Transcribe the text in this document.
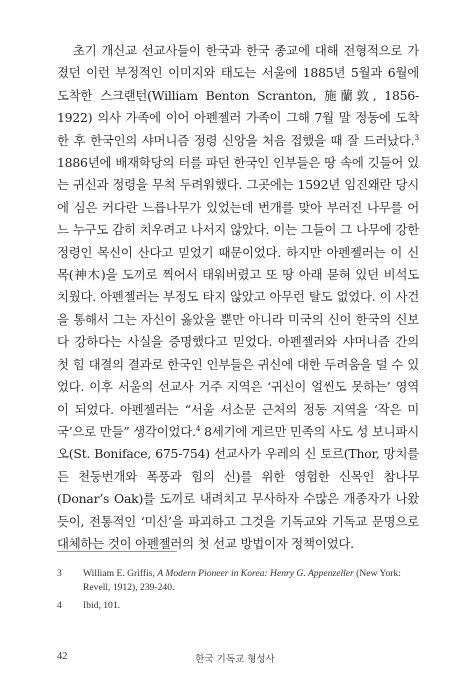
초기 개신교 선교사들이 한국과 한국 종교에 대해 전형적으로 가졌던 이런 부정적인 이미지와 태도는 서울에 1885년 5월과 6월에 도착한 스크랜턴(William Benton Scranton, 施蘭敦, 1856-1922) 의사 가족에 이어 아펜젤러 가족이 그해 7월 말 정동에 도착한 후 한국인의 샤머니즘 정령 신앙을 처음 접했을 때 잘 드러났다.$^3$ 1886년에 배재학당의 터를 파던 한국인 인부들은 땅 속에 깃들어 있는 귀신과 정령을 무척 두려워했다. 그곳에는 1592년 임진왜란 당시에 심은 커다란 느릅나무가 있었는데 번개를 맞아 부러진 나무를 어느 누구도 감히 치우려고 나서지 않았다. 이는 그들이 그 나무에 강한 정령인 목신이 산다고 믿었기 때문이었다. 하지만 아펜젤러는 이 신목(神木)을 도끼로 찍어서 태워버렸고 또 땅 아래 묻혀 있던 비석도 치웠다. 아펜젤러는 부정도 타지 않았고 아무런 탈도 없었다. 이 사건을 통해서 그는 자신이 옳았을 뿐만 아니라 미국의 신이 한국의 신보다 강하다는 사실을 증명했다고 믿었다. 아펜젤러와 샤머니즘 간의 첫 힘 대결의 결과로 한국인 인부들은 귀신에 대한 두려움을 덜 수 있었다. 이후 서울의 선교사 거주 지역은 ‘귀신이 얼씬도 못하는’ 영역이 되었다. 아펜젤러는 “서울 서소문 근처의 정동 지역을 ‘작은 미국’으로 만들” 생각이었다.$^4$ 8세기에 게르만 민족의 사도 성 보니파시오(St. Boniface, 675-754) 선교사가 우레의 신 토르(Thor, 망치를 든 천둥번개와 폭풍과 힘의 신)를 위한 영험한 신목인 참나무(Donar’s Oak)를 도끼로 내려치고 무사하자 수많은 개종자가 나왔듯이, 전통적인 ‘미신’을 파괴하고 그것을 기독교와 기독교 문명으로 대체하는 것이 아펜젤러의 첫 선교 방법이자 정책이었다.

3	William E. Griffis, A Modern Pioneer in Korea: Henry G. Appenzeller (New York: Revell, 1912), 239-240.
4	Ibid, 101.
42	한국 기독교 형성사
